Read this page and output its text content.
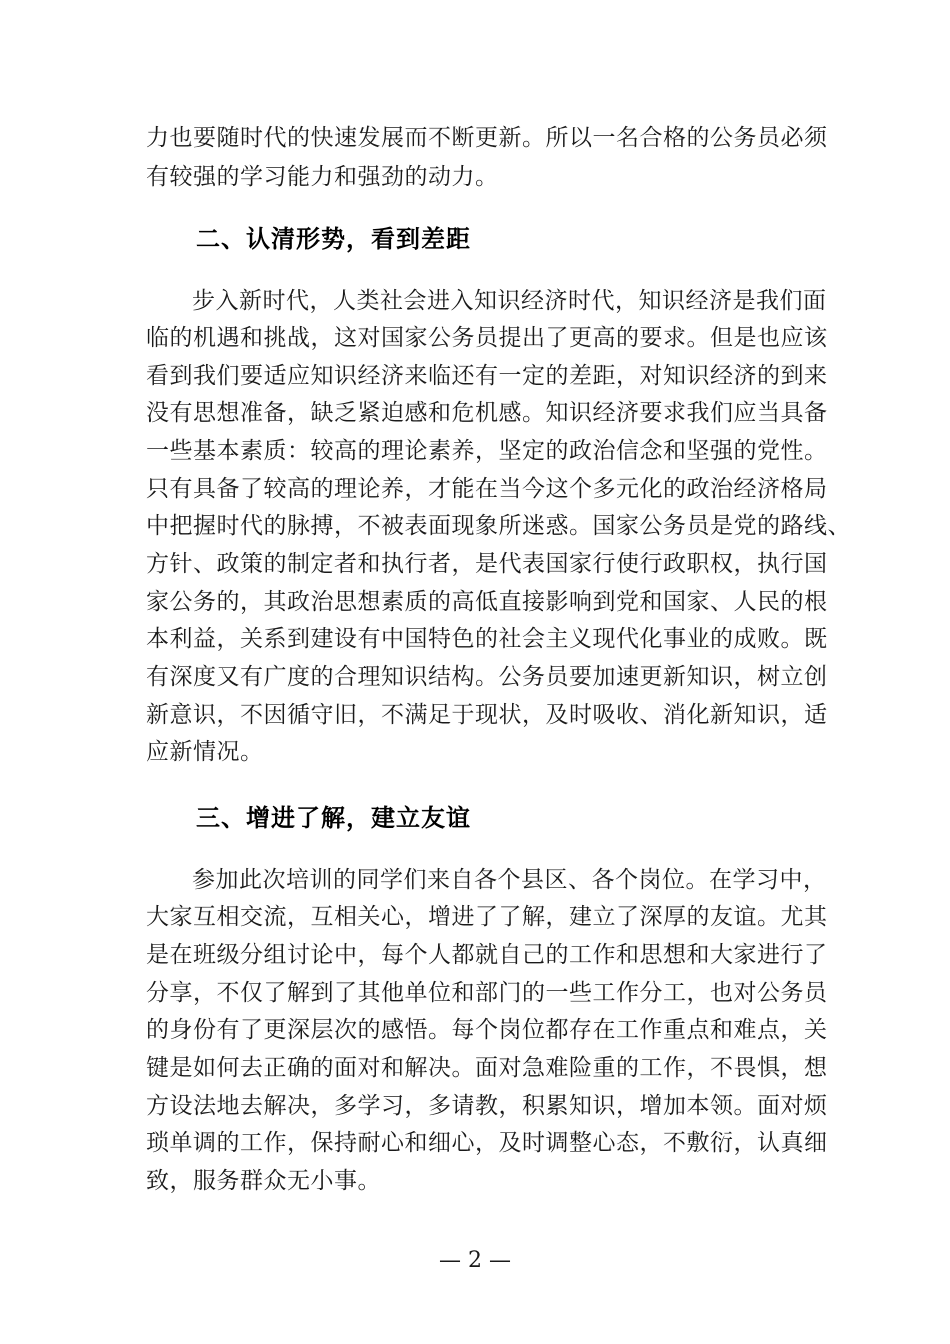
力也要随时代的快速发展而不断更新。所以一名合格的公务员必须
有较强的学习能力和强劲的动力。
二、认清形势，看到差距
步入新时代，人类社会进入知识经济时代，知识经济是我们面
临的机遇和挑战，这对国家公务员提出了更高的要求。但是也应该
看到我们要适应知识经济来临还有一定的差距，对知识经济的到来
没有思想准备，缺乏紧迫感和危机感。知识经济要求我们应当具备
一些基本素质：较高的理论素养，坚定的政治信念和坚强的党性。
只有具备了较高的理论养，才能在当今这个多元化的政治经济格局
中把握时代的脉搏，不被表面现象所迷惑。国家公务员是党的路线、
方针、政策的制定者和执行者，是代表国家行使行政职权，执行国
家公务的，其政治思想素质的高低直接影响到党和国家、人民的根
本利益，关系到建设有中国特色的社会主义现代化事业的成败。既
有深度又有广度的合理知识结构。公务员要加速更新知识，树立创
新意识，不因循守旧，不满足于现状，及时吸收、消化新知识，适
应新情况。
三、增进了解，建立友谊
参加此次培训的同学们来自各个县区、各个岗位。在学习中，
大家互相交流，互相关心，增进了了解，建立了深厚的友谊。尤其
是在班级分组讨论中，每个人都就自己的工作和思想和大家进行了
分享，不仅了解到了其他单位和部门的一些工作分工，也对公务员
的身份有了更深层次的感悟。每个岗位都存在工作重点和难点，关
键是如何去正确的面对和解决。面对急难险重的工作，不畏惧，想
方设法地去解决，多学习，多请教，积累知识，增加本领。面对烦
琐单调的工作，保持耐心和细心，及时调整心态，不敷衍，认真细
致，服务群众无小事。
— 2 —
